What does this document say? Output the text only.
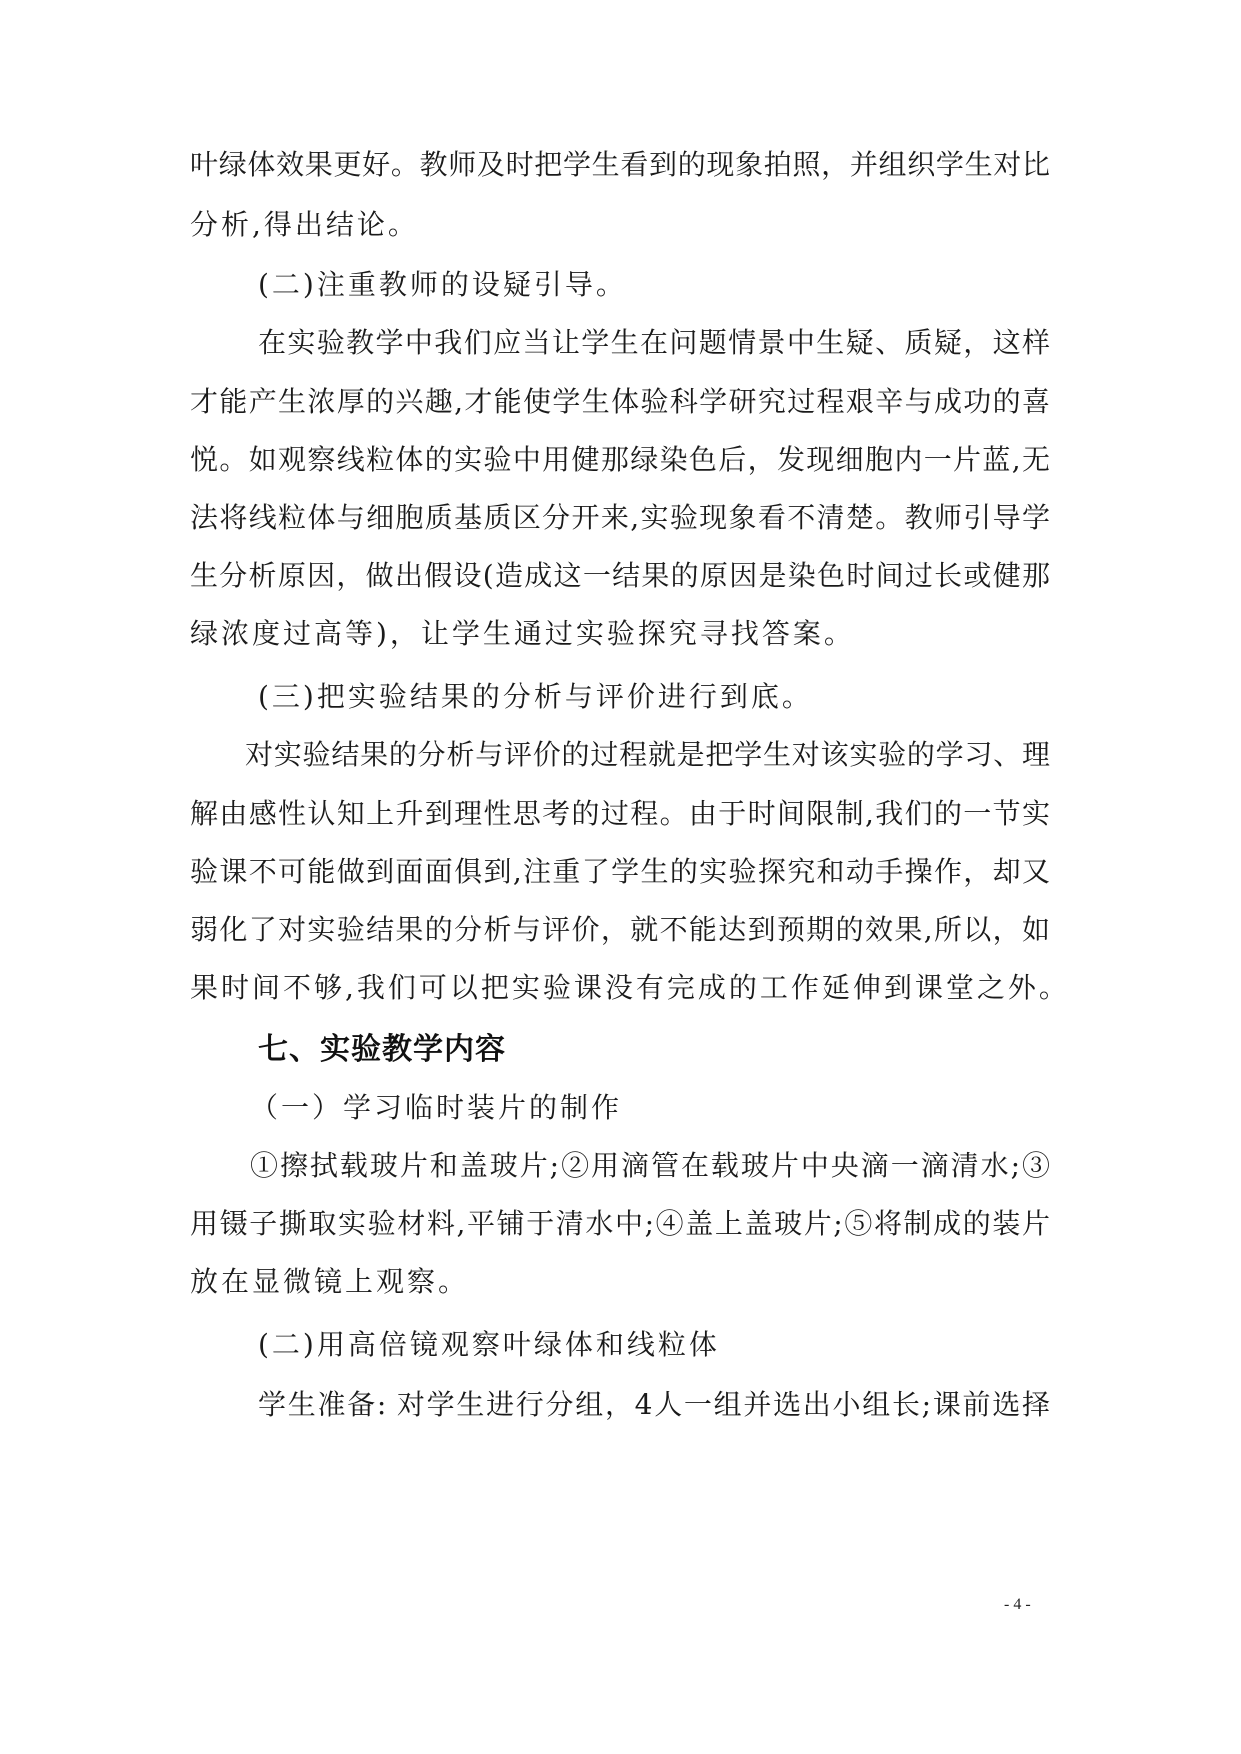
叶绿体效果更好。教师及时把学生看到的现象拍照，并组织学生对比
分析,得出结论。
(二)注重教师的设疑引导。
在实验教学中我们应当让学生在问题情景中生疑、质疑，这样
才能产生浓厚的兴趣,才能使学生体验科学研究过程艰辛与成功的喜
悦。如观察线粒体的实验中用健那绿染色后，发现细胞内一片蓝,无
法将线粒体与细胞质基质区分开来,实验现象看不清楚。教师引导学
生分析原因，做出假设(造成这一结果的原因是染色时间过长或健那
绿浓度过高等)，让学生通过实验探究寻找答案。
(三)把实验结果的分析与评价进行到底。
对实验结果的分析与评价的过程就是把学生对该实验的学习、理
解由感性认知上升到理性思考的过程。由于时间限制,我们的一节实
验课不可能做到面面俱到,注重了学生的实验探究和动手操作，却又
弱化了对实验结果的分析与评价，就不能达到预期的效果,所以，如
果时间不够,我们可以把实验课没有完成的工作延伸到课堂之外。
七、实验教学内容
（一）学习临时装片的制作
①擦拭载玻片和盖玻片;②用滴管在载玻片中央滴一滴清水;③
用镊子撕取实验材料,平铺于清水中;④盖上盖玻片;⑤将制成的装片
放在显微镜上观察。
(二)用高倍镜观察叶绿体和线粒体
学生准备: 对学生进行分组，4人一组并选出小组长;课前选择
- 4 -
